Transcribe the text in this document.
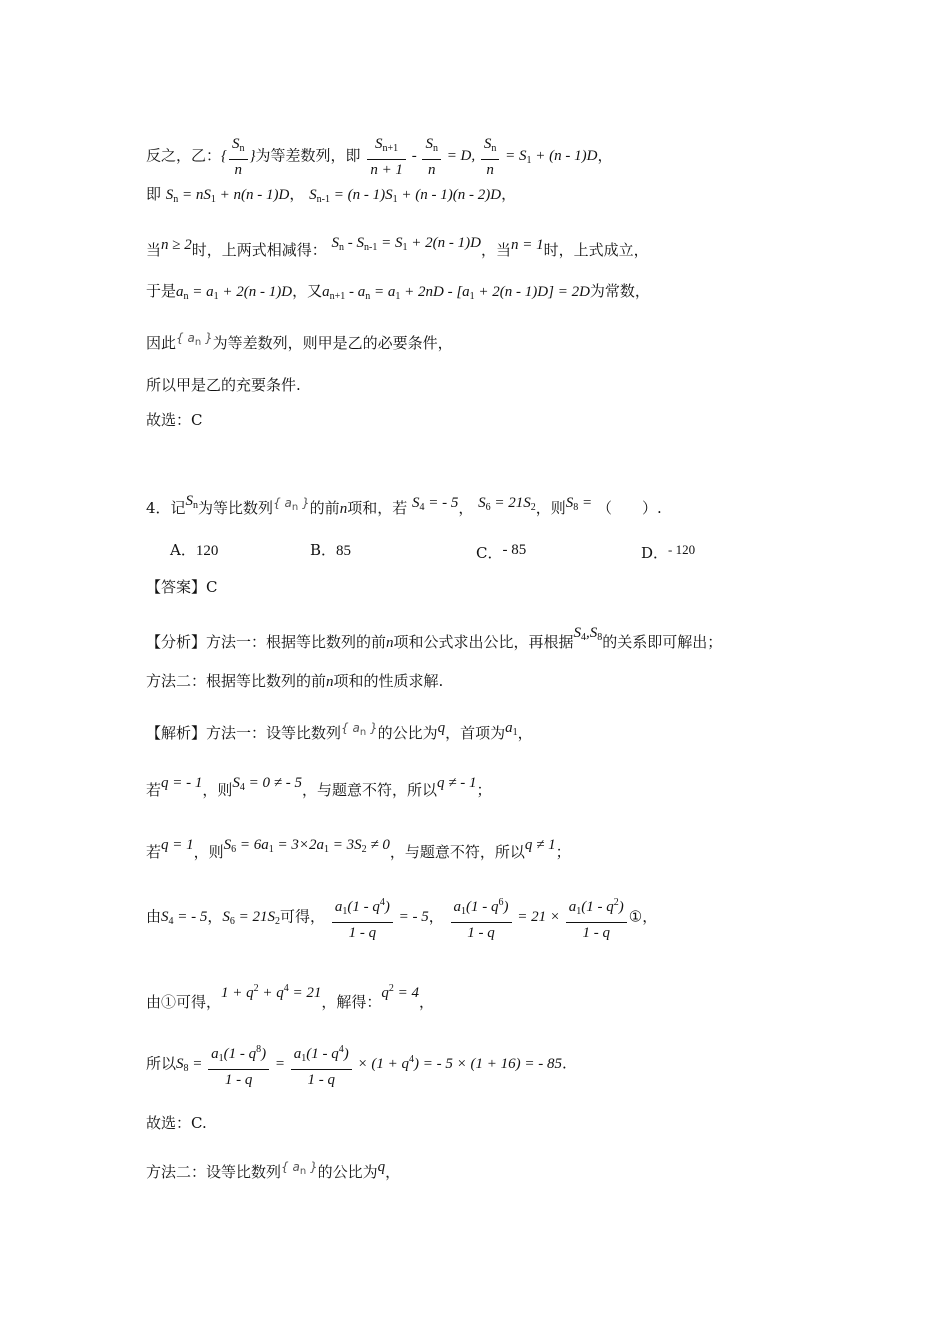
反之，乙：{ $\frac{S_n}{n}$ }为等差数列，即 $\frac{S_{n+1}}{n + 1} - \frac{S_n}{n} = D$, $\frac{S_n}{n} = S_1 + (n - 1)D$，
即 $S_n = nS_1 + n(n - 1)D$， $S_{n-1} = (n - 1)S_1 + (n - 1)(n - 2)D$，
当n ≥ 2时，上两式相减得： $S_n - S_{n-1} = S_1 + 2(n - 1)D$，当n = 1时，上式成立，
于是$a_n = a_1 + 2(n - 1)D$，又$a_{n+1} - a_n = a_1 + 2nD - [a_1 + 2(n - 1)D] = 2D$为常数，
因此{ $a_n$ }为等差数列，则甲是乙的必要条件，
所以甲是乙的充要条件.
故选：C
4．记$S_n$为等比数列{ $a_n$ }的前n项和，若 $S_4$ = - 5， $S_6 = 21S_2$，则$S_8$ = （　　）.
A．120	B．85	C．- 85	D．- 120
【答案】C
【分析】方法一：根据等比数列的前n项和公式求出公比，再根据$S_4,S_8$的关系即可解出；
方法二：根据等比数列的前n项和的性质求解.
【解析】方法一：设等比数列{ $a_n$ }的公比为q，首项为$a_1$，
若q = - 1，则$S_4 = 0$ ≠ - 5，与题意不符，所以q ≠ - 1；
若q = 1，则$S_6 = 6a_1 = 3\times 2a_1 = 3S_2 \ne 0$，与题意不符，所以q ≠ 1；
由$S_4$ = - 5，$S_6 = 21S_2$可得， $\frac{a_1(1 - q^4)}{1 - q}$ = - 5， $\frac{a_1(1 - q^6)}{1 - q} = 21 \times \frac{a_1(1 - q^2)}{1 - q}$ ①，
由①可得，$1 + q^2 + q^4 = 21$，解得：$q^2 = 4$，
所以$S_8 = \frac{a_1(1 - q^8)}{1 - q} = \frac{a_1(1 - q^4)}{1 - q} \times (1 + q^4)$ = - 5 × (1 + 16) = - 85.
故选：C.
方法二：设等比数列{ $a_n$ }的公比为q，
